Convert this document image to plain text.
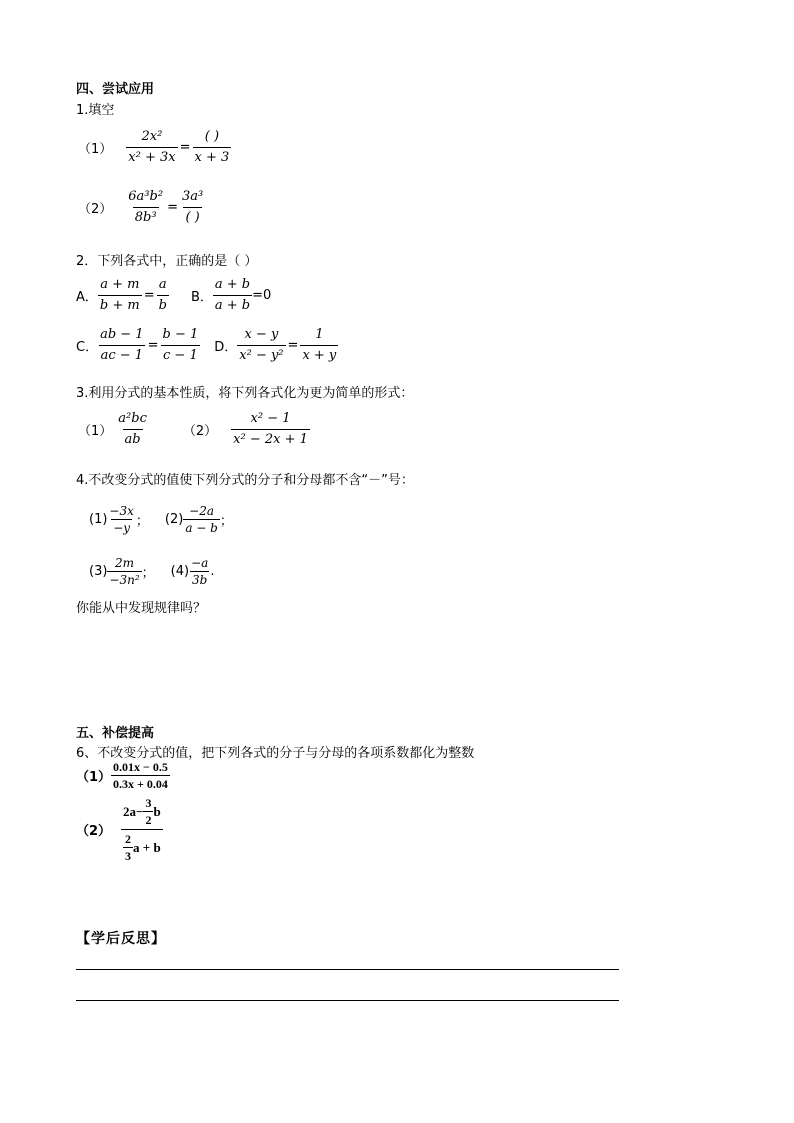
四、尝试应用
1.填空
$(1) \frac{\text{2x²}}{\text{x² + 3x}} = \frac{( )}{x + 3}$
$(2) \frac{\text{6a³b²}}{\text{8b³}} = \frac{\text{3a³}}{( )}$
2．下列各式中，正确的是（ ）
A． $\frac{a + m}{b + m} = \frac{a}{b}$ B． $\frac{a + b}{a + b} =0$
C． $\frac{ab - 1}{ac - 1} = \frac{b - 1}{c - 1}$ D． $\frac{x - y}{\text{x² − y²}} = \frac{1}{x + y}$
3.利用分式的基本性质，将下列各式化为更为简单的形式：
$(1) \frac{\text{a²bc}}{ab}$	$(2) \frac{\text{x² − 1}}{\text{x² − 2x + 1}}$
4.不改变分式的值使下列分式的分子和分母都不含“－”号：
$(1) \frac{-3x}{-y}$ ； $(2) \frac{-2a}{a - b}$ ；
$(3) \frac{2m}{\text{−3n²}}$ ； $(4) \frac{-a}{3b}$ .
你能从中发现规律吗？
五、补偿提高
6、不改变分式的值，把下列各式的分子与分母的各项系数都化为整数
$(1) \frac{0.01x - 0.5}{0.3x + 0.04}$
$(2) \frac{2a- \frac{3}{2} b}{\frac{2}{3} a + b}$
【学后反思】
